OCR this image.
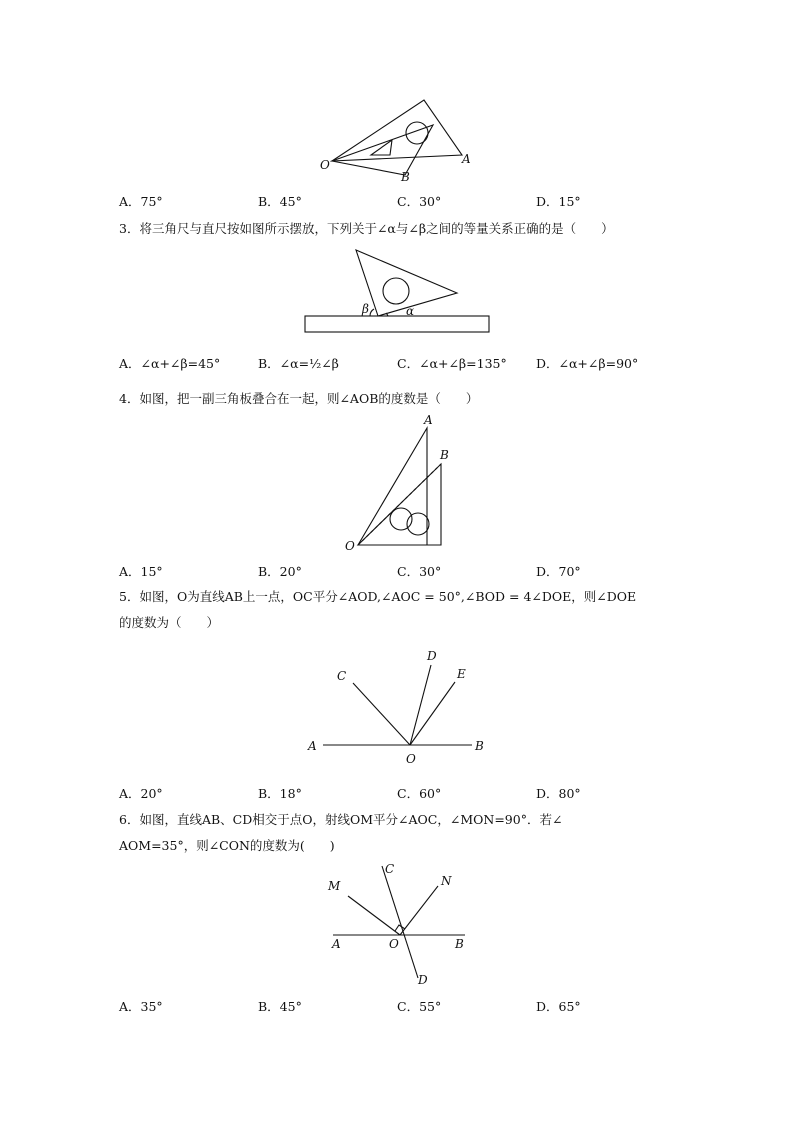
O
B
A
A．75°	B．45°	C．30°	D．15°
3．将三角尺与直尺按如图所示摆放，下列关于∠α与∠β之间的等量关系正确的是（　　）
β	α
A．∠α+∠β=45°	B．∠α=½∠β	C．∠α+∠β=135° D．∠α+∠β=90°
4．如图，把一副三角板叠合在一起，则∠AOB的度数是（　　）
A
B
O
A．15°	B．20°	C．30°	D．70°
5．如图，O为直线AB上一点，OC平分∠AOD,∠AOC = 50°,∠BOD = 4∠DOE，则∠DOE
的度数为（　　）
D
C	E
A	B
O
A．20°	B．18°	C．60°	D．80°
6．如图，直线AB、CD相交于点O，射线OM平分∠AOC，∠MON=90°．若∠
AOM=35°，则∠CON的度数为(　　)
C
M	N
A	O	B
D
A．35°	B．45°	C．55°	D．65°
